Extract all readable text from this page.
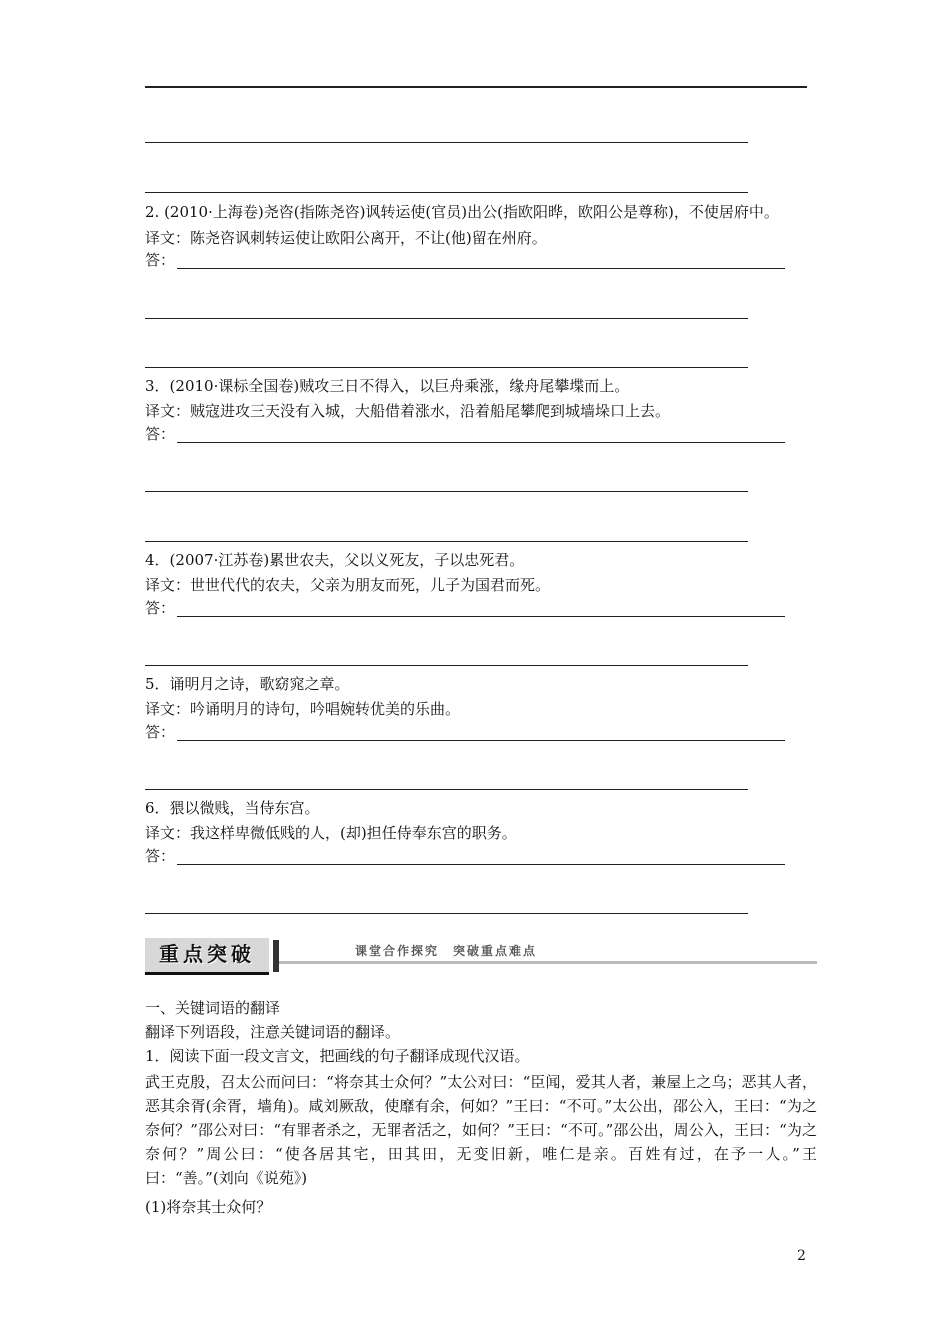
2. (2010·上海卷)尧咨(指陈尧咨)讽转运使(官员)出公(指欧阳晔，欧阳公是尊称)，不使居府中。
译文：陈尧咨讽刺转运使让欧阳公离开，不让(他)留在州府。
答：
3．(2010·课标全国卷)贼攻三日不得入，以巨舟乘涨，缘舟尾攀堞而上。
译文：贼寇进攻三天没有入城，大船借着涨水，沿着船尾攀爬到城墙垛口上去。
答：
4．(2007·江苏卷)累世农夫，父以义死友，子以忠死君。
译文：世世代代的农夫，父亲为朋友而死，儿子为国君而死。
答：
5．诵明月之诗，歌窈窕之章。
译文：吟诵明月的诗句，吟唱婉转优美的乐曲。
答：
6．猥以微贱，当侍东宫。
译文：我这样卑微低贱的人，(却)担任侍奉东宫的职务。
答：
重点突破	课堂合作探究　突破重点难点
一、关键词语的翻译
翻译下列语段，注意关键词语的翻译。
1．阅读下面一段文言文，把画线的句子翻译成现代汉语。
武王克殷，召太公而问曰：“将奈其士众何？”太公对曰：“臣闻，爱其人者，兼屋上之乌；恶其人者，恶其余胥(余胥，墙角)。咸刘厥敌，使靡有余，何如？”王曰：“不可。”太公出，邵公入，王曰：“为之奈何？”邵公对曰：“有罪者杀之，无罪者活之，如何？”王曰：“不可。”邵公出，周公入，王曰：“为之奈何？”周公曰：“使各居其宅，田其田，无变旧新，唯仁是亲。百姓有过，在予一人。”王曰：“善。”(刘向《说苑》)
(1)将奈其士众何？
2
